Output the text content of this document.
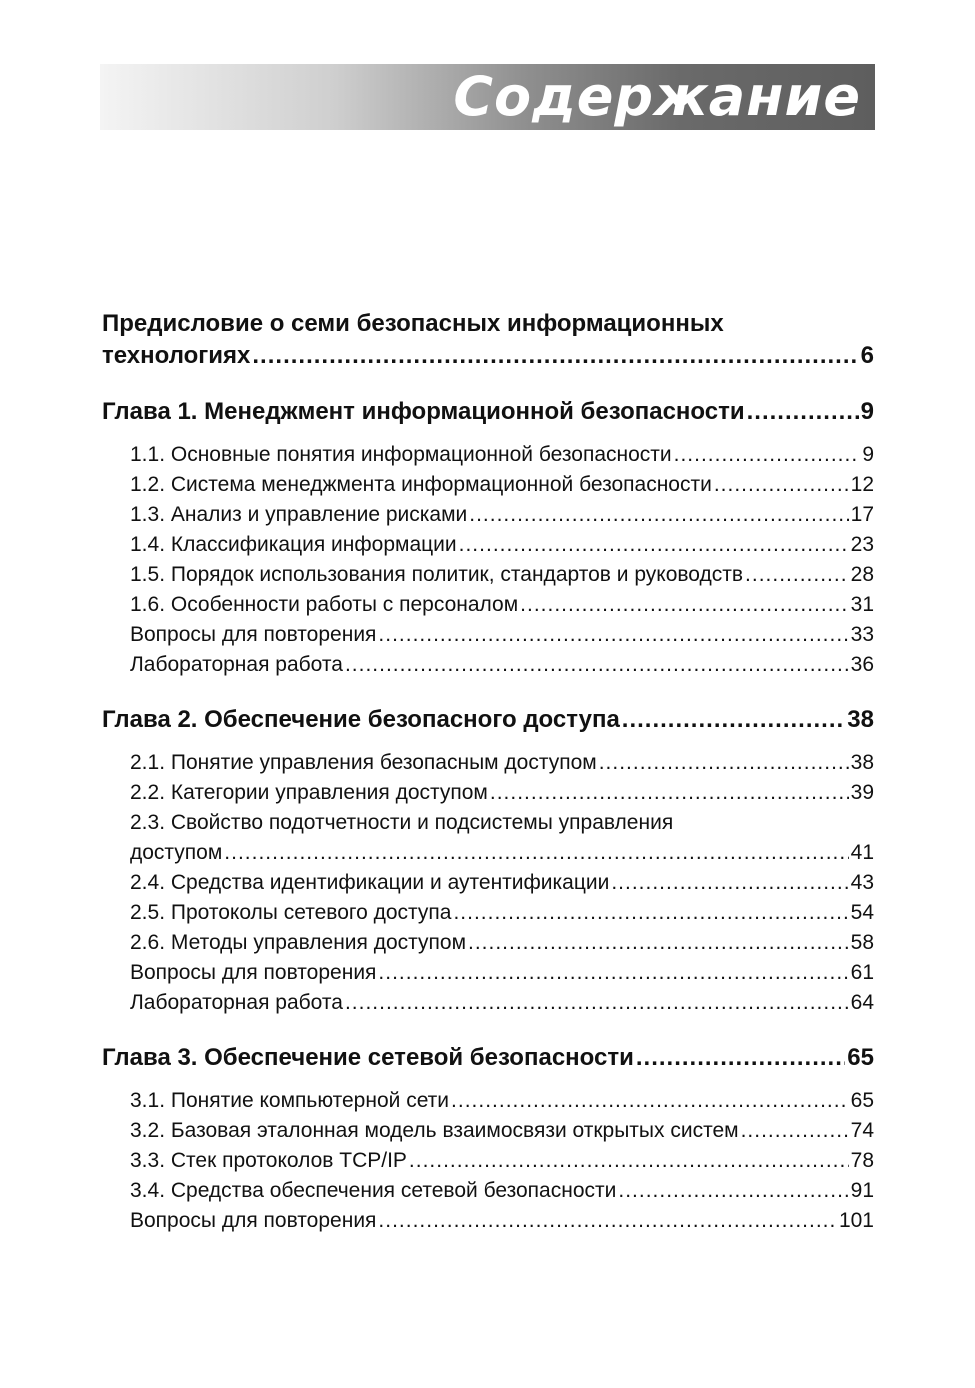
Содержание
Предисловие о семи безопасных информационных
технологиях .....	6
Глава 1. Менеджмент информационной безопасности .....	9
1.1. Основные понятия информационной безопасности .....	9
1.2. Система менеджмента информационной безопасности .....	12
1.3. Анализ и управление рисками .....	17
1.4. Классификация информации .....	23
1.5. Порядок использования политик, стандартов и руководств .....	28
1.6. Особенности работы с персоналом .....	31
Вопросы для повторения .....	33
Лабораторная работа .....	36
Глава 2. Обеспечение безопасного доступа .....	38
2.1. Понятие управления безопасным доступом .....	38
2.2. Категории управления доступом .....	39
2.3. Свойство подотчетности и подсистемы управления
доступом .....	41
2.4. Средства идентификации и аутентификации .....	43
2.5. Протоколы сетевого доступа .....	54
2.6. Методы управления доступом .....	58
Вопросы для повторения .....	61
Лабораторная работа .....	64
Глава 3. Обеспечение сетевой безопасности .....	65
3.1. Понятие компьютерной сети .....	65
3.2. Базовая эталонная модель взаимосвязи открытых систем .....	74
3.3. Стек протоколов TCP/IP .....	78
3.4. Средства обеспечения сетевой безопасности .....	91
Вопросы для повторения .....	101
